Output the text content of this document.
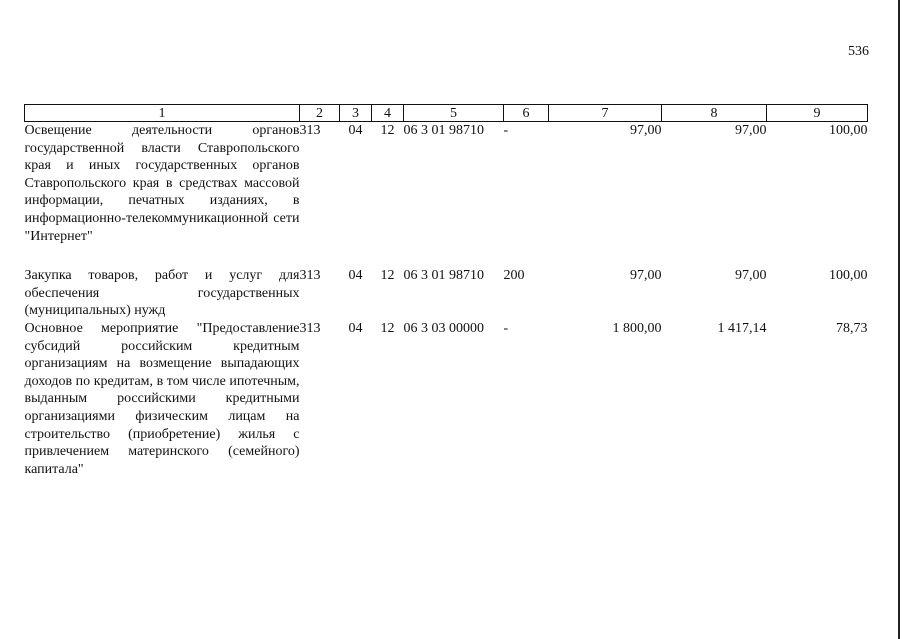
536
1	2	3	4	5	6	7	8	9
Освещение деятельности органов государственной власти Ставропольского края и иных государственных органов Ставропольского края в средствах массовой информации, печатных изданиях, в информационно-телекоммуникационной сети "Интернет"	313	04	12	06 3 01 98710	-	97,00	97,00	100,00

Закупка товаров, работ и услуг для обеспечения государственных (муниципальных) нужд	313	04	12	06 3 01 98710	200	97,00	97,00	100,00
Основное мероприятие "Предоставление субсидий российским кредитным организациям на возмещение выпадающих доходов по кредитам, в том числе ипотечным, выданным российскими кредитными организациями физическим лицам на строительство (приобретение) жилья с привлечением материнского (семейного) капитала"	313	04	12	06 3 03 00000	-	1 800,00	1 417,14	78,73
